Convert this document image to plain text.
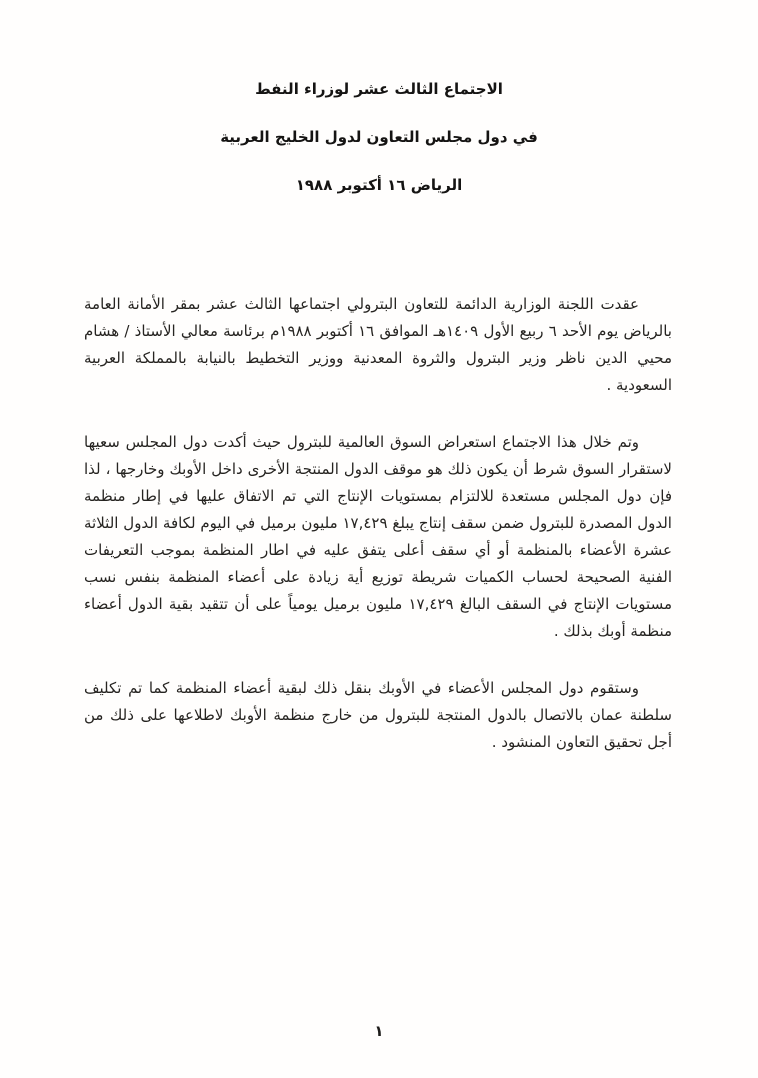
الاجتماع الثالث عشر لوزراء النفط
في دول مجلس التعاون لدول الخليج العربية
الرياض ١٦ أكتوبر ١٩٨٨

عقدت اللجنة الوزارية الدائمة للتعاون البترولي اجتماعها الثالث عشر بمقر الأمانة العامة بالرياض يوم الأحد ٦ ربيع الأول ١٤٠٩هـ الموافق ١٦ أكتوبر ١٩٨٨م برئاسة معالي الأستاذ / هشام محيي الدين ناظر وزير البترول والثروة المعدنية ووزير التخطيط بالنيابة بالمملكة العربية السعودية .

وتم خلال هذا الاجتماع استعراض السوق العالمية للبترول حيث أكدت دول المجلس سعيها لاستقرار السوق شرط أن يكون ذلك هو موقف الدول المنتجة الأخرى داخل الأوبك وخارجها ، لذا فإن دول المجلس مستعدة للالتزام بمستويات الإنتاج التي تم الاتفاق عليها في إطار منظمة الدول المصدرة للبترول ضمن سقف إنتاج يبلغ ١٧,٤٢٩ مليون برميل في اليوم لكافة الدول الثلاثة عشرة الأعضاء بالمنظمة أو أي سقف أعلى يتفق عليه في اطار المنظمة بموجب التعريفات الفنية الصحيحة لحساب الكميات شريطة توزيع أية زيادة على أعضاء المنظمة بنفس نسب مستويات الإنتاج في السقف البالغ ١٧,٤٢٩ مليون برميل يومياً على أن تتقيد بقية الدول أعضاء منظمة أوبك بذلك .

وستقوم دول المجلس الأعضاء في الأوبك بنقل ذلك لبقية أعضاء المنظمة كما تم تكليف سلطنة عمان بالاتصال بالدول المنتجة للبترول من خارج منظمة الأوبك لاطلاعها على ذلك من أجل تحقيق التعاون المنشود .

١
